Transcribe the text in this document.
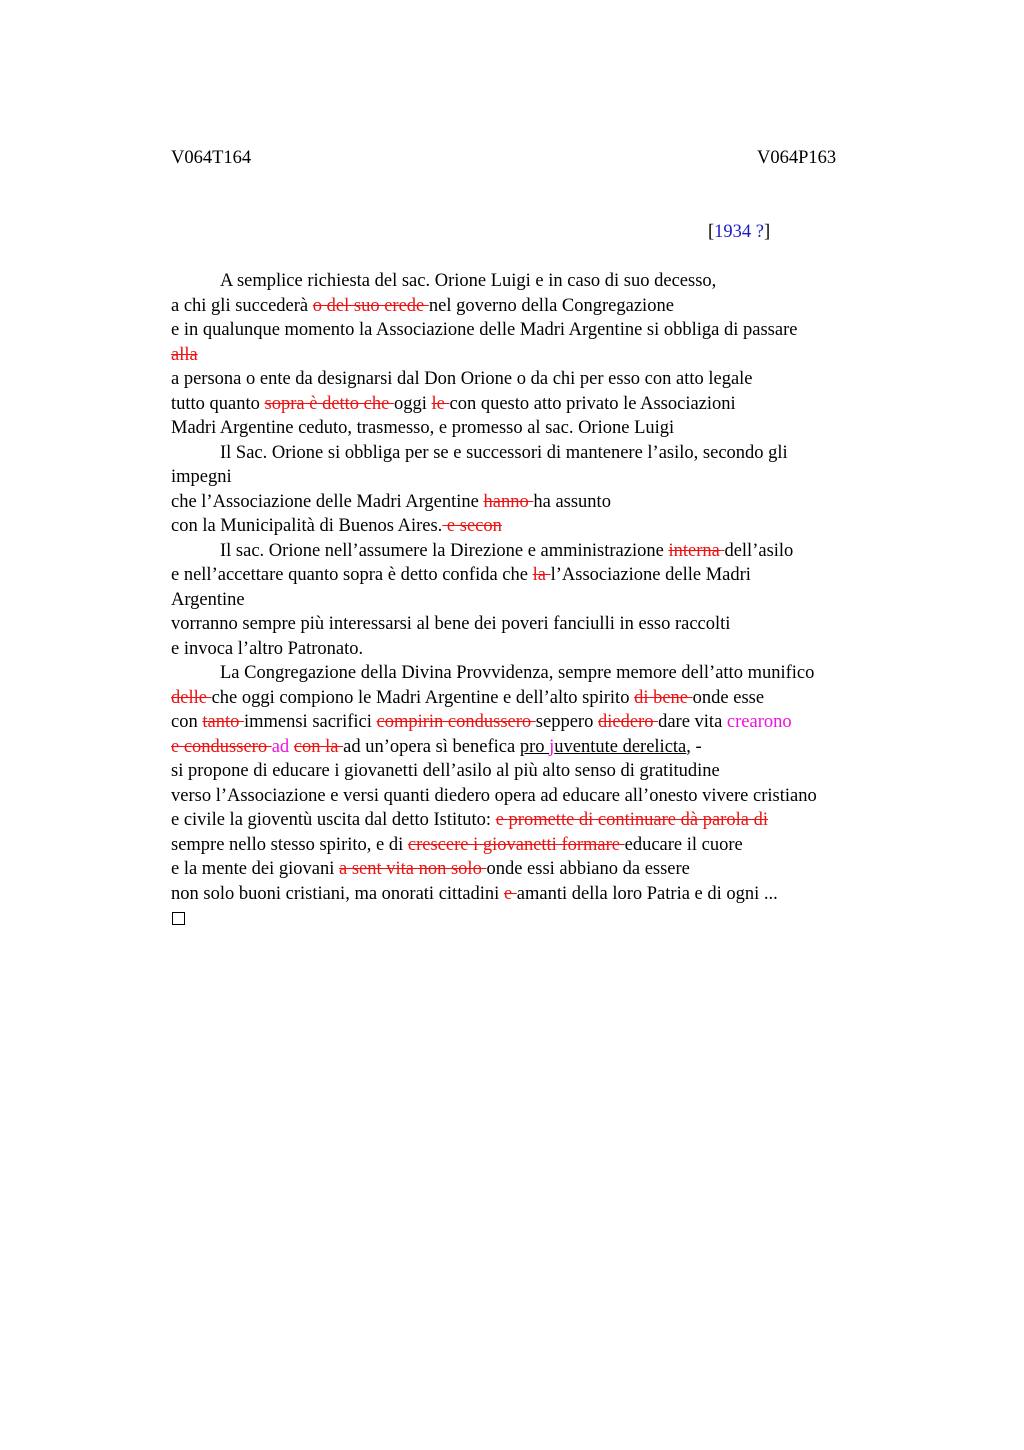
V064T164	V064P163
[1934 ?]
A semplice richiesta del sac. Orione Luigi e in caso di suo decesso,
a chi gli succederà o del suo erede nel governo della Congregazione
e in qualunque momento la Associazione delle Madri Argentine si obbliga di passare
alla
a persona o ente da designarsi dal Don Orione o da chi per esso con atto legale
tutto quanto sopra è detto che oggi le con questo atto privato le Associazioni
Madri Argentine ceduto, trasmesso, e promesso al sac. Orione Luigi
Il Sac. Orione si obbliga per se e successori di mantenere l’asilo, secondo gli
impegni
che l’Associazione delle Madri Argentine hanno ha assunto
con la Municipalità di Buenos Aires. e secon
Il sac. Orione nell’assumere la Direzione e amministrazione interna dell’asilo
e nell’accettare quanto sopra è detto confida che la l’Associazione delle Madri
Argentine
vorranno sempre più interessarsi al bene dei poveri fanciulli in esso raccolti
e invoca l’altro Patronato.
La Congregazione della Divina Provvidenza, sempre memore dell’atto munifico
delle che oggi compiono le Madri Argentine e dell’alto spirito di bene onde esse
con tanto immensi sacrifici compirin condussero seppero diedero dare vita crearono
e condussero ad con la ad un’opera sì benefica pro juventute derelicta, -
si propone di educare i giovanetti dell’asilo al più alto senso di gratitudine
verso l’Associazione e versi quanti diedero opera ad educare all’onesto vivere cristiano
e civile la gioventù uscita dal detto Istituto: e promette di continuare dà parola di
sempre nello stesso spirito, e di crescere i giovanetti formare educare il cuore
e la mente dei giovani a sent vita non solo onde essi abbiano da essere
non solo buoni cristiani, ma onorati cittadini e amanti della loro Patria e di ogni ...
